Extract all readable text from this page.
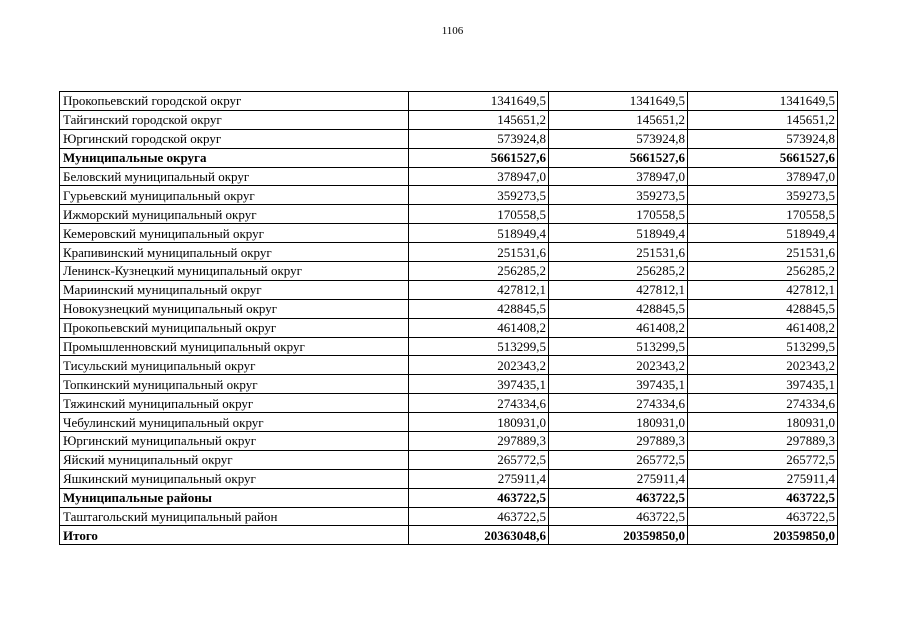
1106
Прокопьевский городской округ	1341649,5	1341649,5	1341649,5
Тайгинский городской округ	145651,2	145651,2	145651,2
Юргинский городской округ	573924,8	573924,8	573924,8
Муниципальные округа	5661527,6	5661527,6	5661527,6
Беловский муниципальный округ	378947,0	378947,0	378947,0
Гурьевский муниципальный округ	359273,5	359273,5	359273,5
Ижморский муниципальный округ	170558,5	170558,5	170558,5
Кемеровский муниципальный округ	518949,4	518949,4	518949,4
Крапивинский муниципальный округ	251531,6	251531,6	251531,6
Ленинск-Кузнецкий муниципальный округ	256285,2	256285,2	256285,2
Мариинский муниципальный округ	427812,1	427812,1	427812,1
Новокузнецкий муниципальный округ	428845,5	428845,5	428845,5
Прокопьевский муниципальный округ	461408,2	461408,2	461408,2
Промышленновский муниципальный округ	513299,5	513299,5	513299,5
Тисульский муниципальный округ	202343,2	202343,2	202343,2
Топкинский муниципальный округ	397435,1	397435,1	397435,1
Тяжинский муниципальный округ	274334,6	274334,6	274334,6
Чебулинский муниципальный округ	180931,0	180931,0	180931,0
Юргинский муниципальный округ	297889,3	297889,3	297889,3
Яйский муниципальный округ	265772,5	265772,5	265772,5
Яшкинский муниципальный округ	275911,4	275911,4	275911,4
Муниципальные районы	463722,5	463722,5	463722,5
Таштагольский муниципальный район	463722,5	463722,5	463722,5
Итого	20363048,6	20359850,0	20359850,0
